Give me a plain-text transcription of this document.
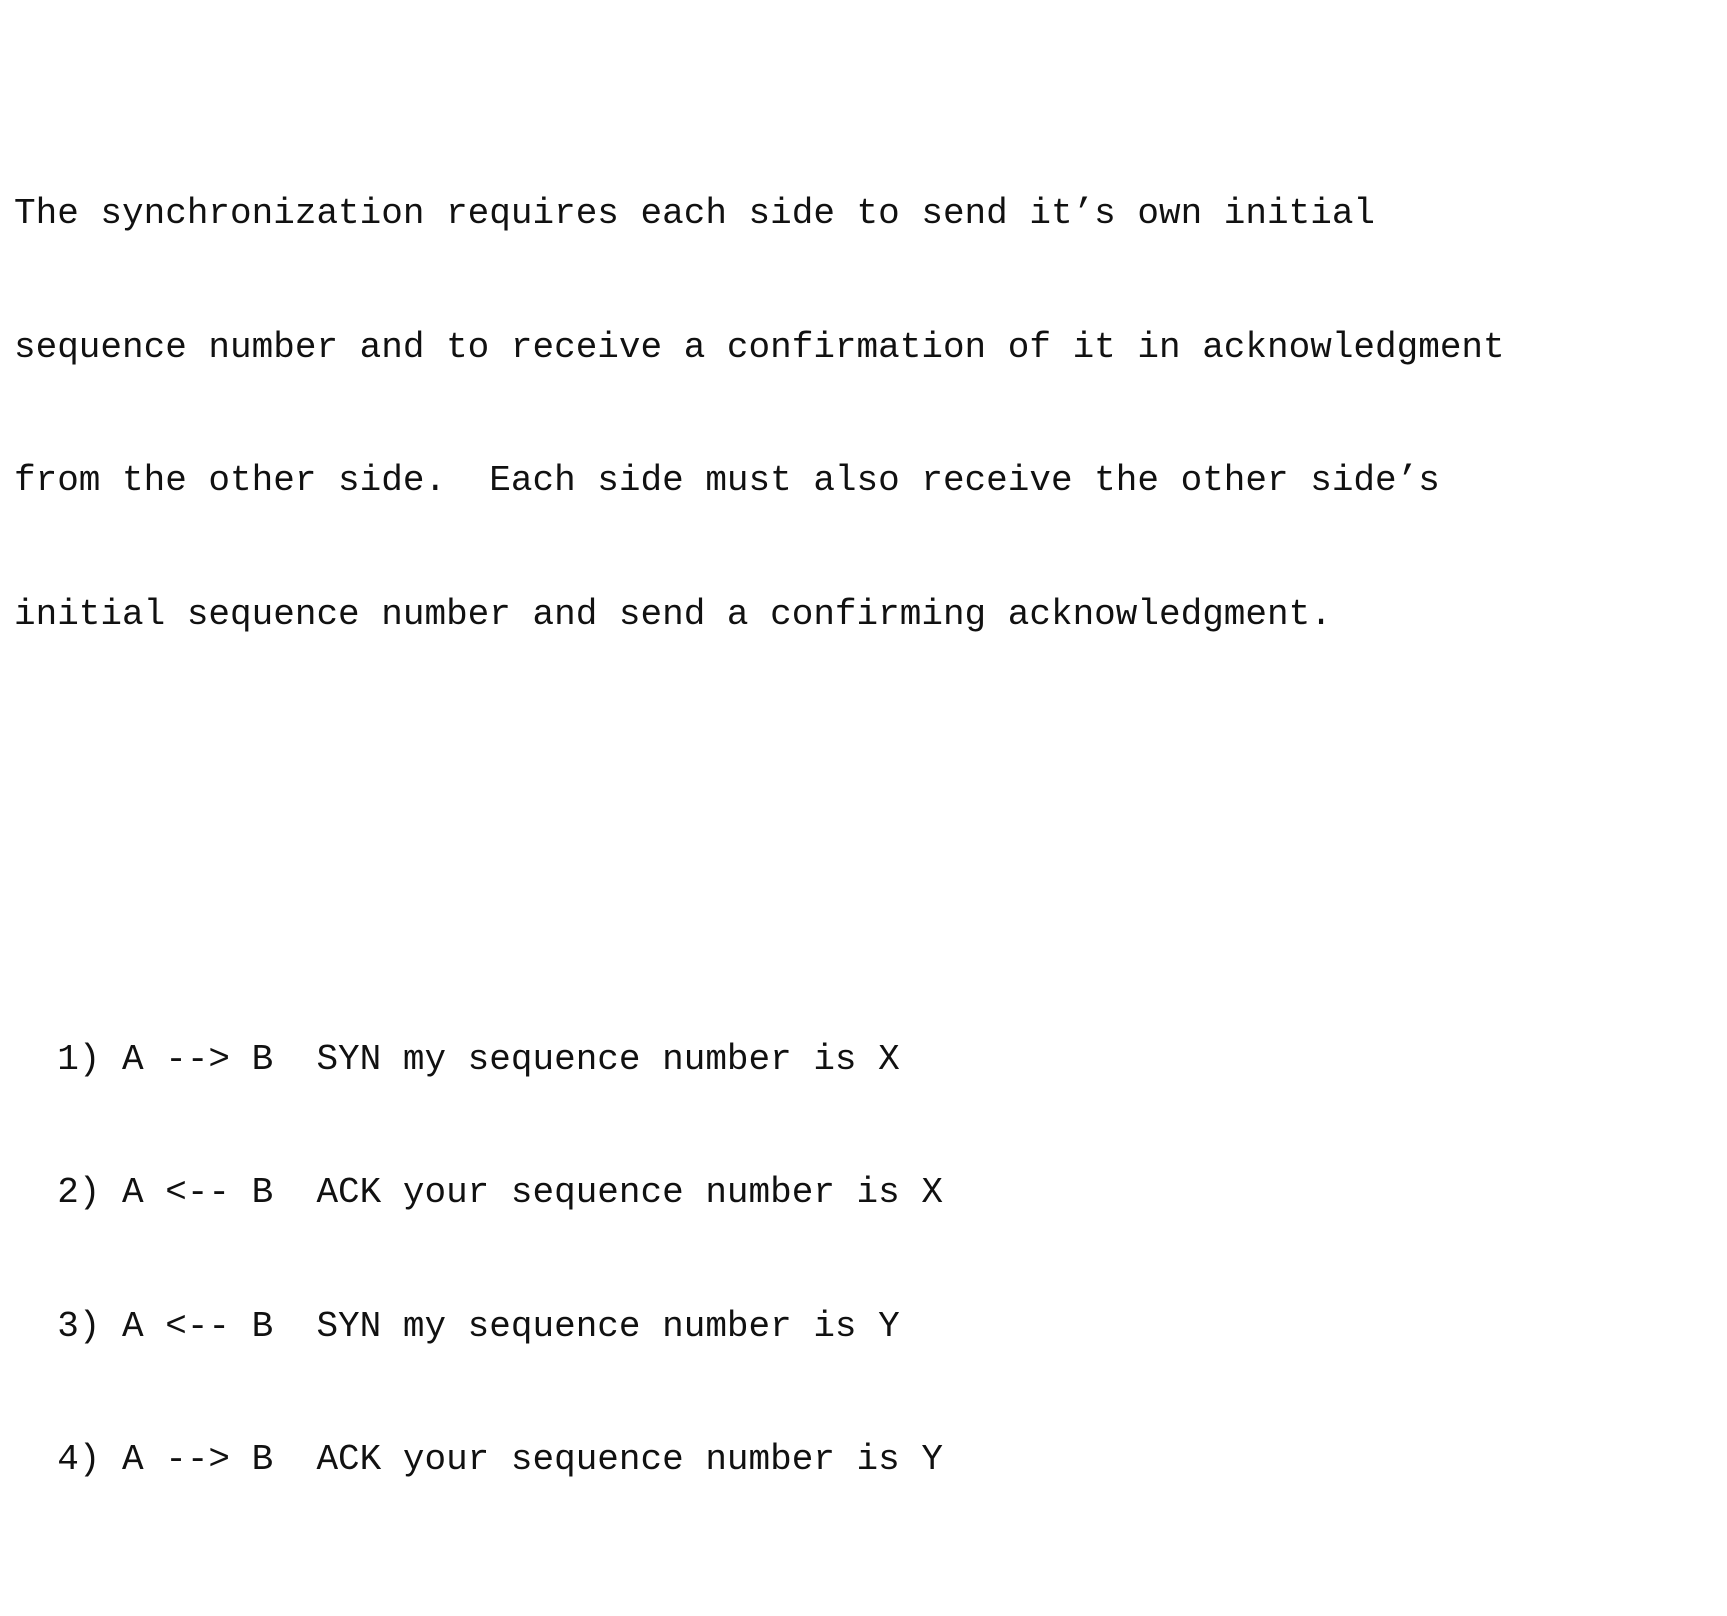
The synchronization requires each side to send it’s own initial

sequence number and to receive a confirmation of it in acknowledgment

from the other side.  Each side must also receive the other side’s

initial sequence number and send a confirming acknowledgment.

1) A --> B  SYN my sequence number is X

2) A <-- B  ACK your sequence number is X

3) A <-- B  SYN my sequence number is Y

4) A --> B  ACK your sequence number is Y
